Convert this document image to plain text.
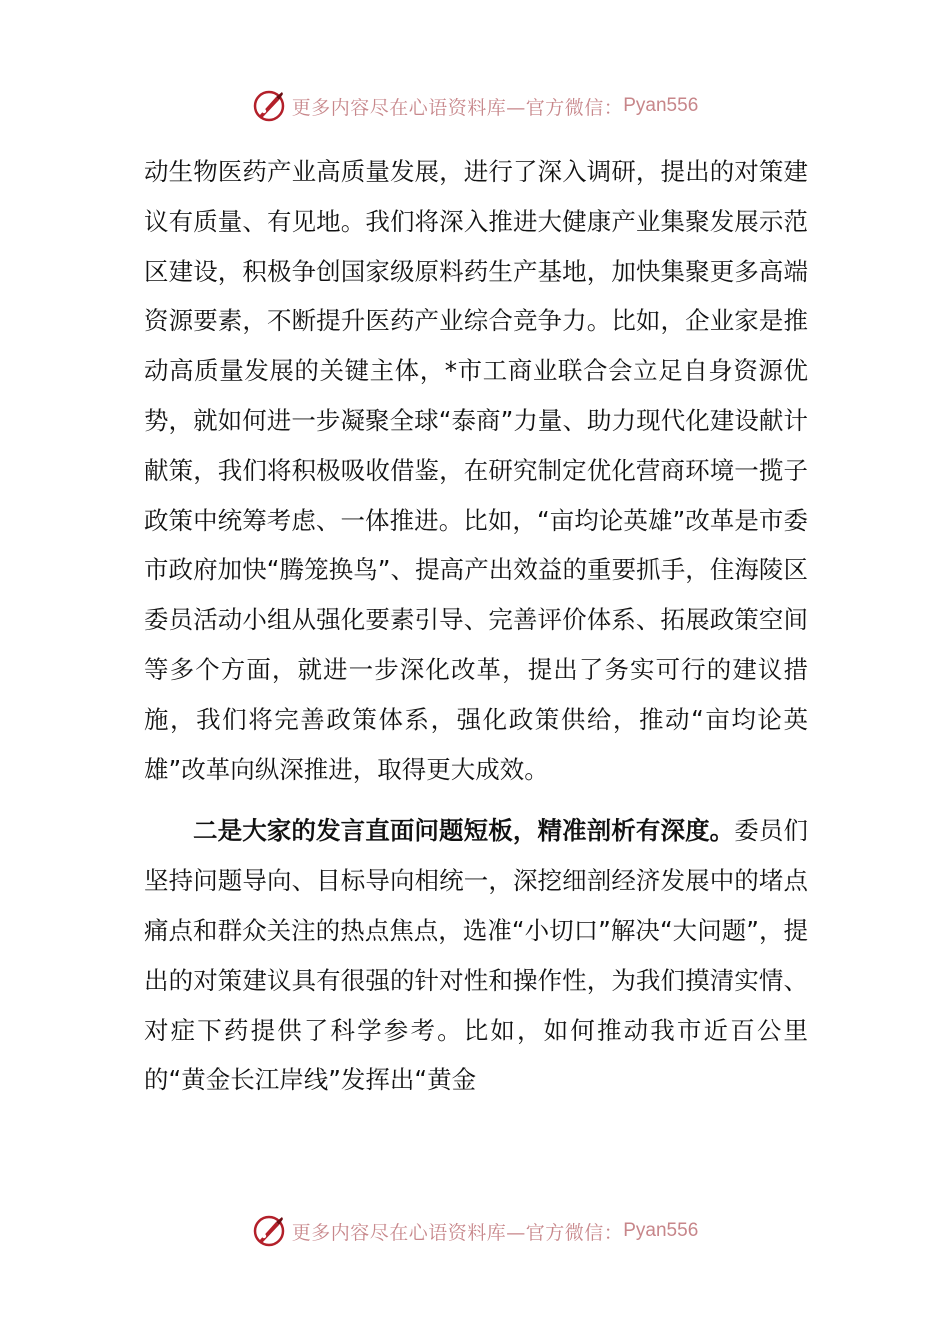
更多内容尽在心语资料库—官方微信： Pyan556

动生物医药产业高质量发展，进行了深入调研，提出的对策建议有质量、有见地。我们将深入推进大健康产业集聚发展示范区建设，积极争创国家级原料药生产基地，加快集聚更多高端资源要素，不断提升医药产业综合竞争力。比如，企业家是推动高质量发展的关键主体，*市工商业联合会立足自身资源优势，就如何进一步凝聚全球“泰商”力量、助力现代化建设献计献策，我们将积极吸收借鉴，在研究制定优化营商环境一揽子政策中统筹考虑、一体推进。比如，“亩均论英雄”改革是市委市政府加快“腾笼换鸟”、提高产出效益的重要抓手，住海陵区委员活动小组从强化要素引导、完善评价体系、拓展政策空间等多个方面，就进一步深化改革，提出了务实可行的建议措施，我们将完善政策体系，强化政策供给，推动“亩均论英雄”改革向纵深推进，取得更大成效。

二是大家的发言直面问题短板，精准剖析有深度。委员们坚持问题导向、目标导向相统一，深挖细剖经济发展中的堵点痛点和群众关注的热点焦点，选准“小切口”解决“大问题”，提出的对策建议具有很强的针对性和操作性，为我们摸清实情、对症下药提供了科学参考。比如，如何推动我市近百公里的“黄金长江岸线”发挥出“黄金

更多内容尽在心语资料库—官方微信： Pyan556
